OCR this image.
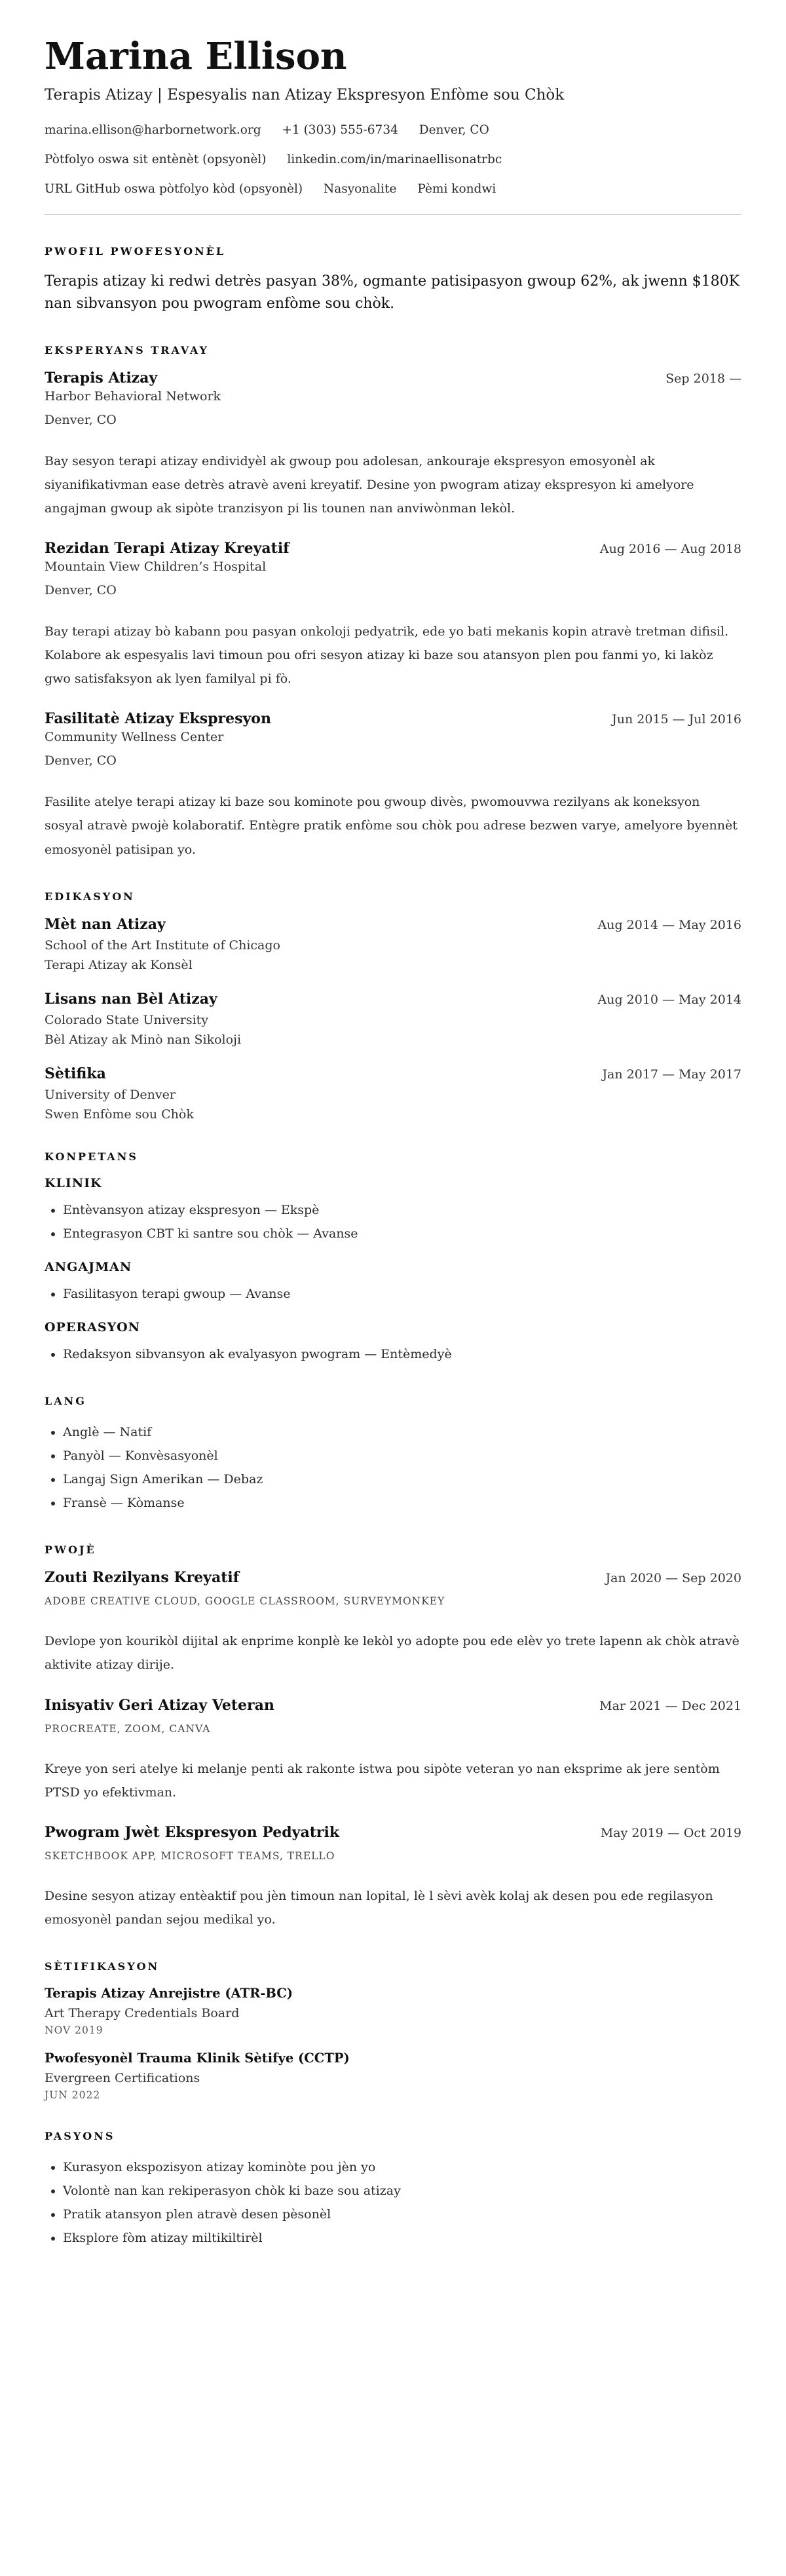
Marina Ellison
Terapis Atizay | Espesyalis nan Atizay Ekspresyon Enfòme sou Chòk
marina.ellison@harbornetwork.org +1 (303) 555-6734 Denver, CO
Pòtfolyo oswa sit entènèt (opsyonèl) linkedin.com/in/marinaellisonatrbc
URL GitHub oswa pòtfolyo kòd (opsyonèl) Nasyonalite Pèmi kondwi
PWOFIL PWOFESYONÈL

Terapis atizay ki redwi detrès pasyan 38%, ogmante patisipasyon gwoup 62%, ak jwenn $180K nan sibvansyon pou pwogram enfòme sou chòk.

EKSPERYANS TRAVAY
Terapis Atizay	Sep 2018 —
Harbor Behavioral Network
Denver, CO

Bay sesyon terapi atizay endividyèl ak gwoup pou adolesan, ankouraje ekspresyon emosyonèl ak siyanifikativman ease detrès atravè aveni kreyatif. Desine yon pwogram atizay ekspresyon ki amelyore angajman gwoup ak sipòte tranzisyon pi lis tounen nan anviwònman lekòl.

Rezidan Terapi Atizay Kreyatif	Aug 2016 — Aug 2018
Mountain View Children’s Hospital
Denver, CO

Bay terapi atizay bò kabann pou pasyan onkoloji pedyatrik, ede yo bati mekanis kopin atravè tretman difisil. Kolabore ak espesyalis lavi timoun pou ofri sesyon atizay ki baze sou atansyon plen pou fanmi yo, ki lakòz gwo satisfaksyon ak lyen familyal pi fò.

Fasilitatè Atizay Ekspresyon	Jun 2015 — Jul 2016
Community Wellness Center
Denver, CO

Fasilite atelye terapi atizay ki baze sou kominote pou gwoup divès, pwomouvwa rezilyans ak koneksyon sosyal atravè pwojè kolaboratif. Entègre pratik enfòme sou chòk pou adrese bezwen varye, amelyore byennèt emosyonèl patisipan yo.

EDIKASYON
Mèt nan Atizay	Aug 2014 — May 2016
School of the Art Institute of Chicago
Terapi Atizay ak Konsèl
Lisans nan Bèl Atizay	Aug 2010 — May 2014
Colorado State University
Bèl Atizay ak Minò nan Sikoloji
Sètifika	Jan 2017 — May 2017
University of Denver
Swen Enfòme sou Chòk
KONPETANS
KLINIK
• Entèvansyon atizay ekspresyon — Ekspè
• Entegrasyon CBT ki santre sou chòk — Avanse
ANGAJMAN
• Fasilitasyon terapi gwoup — Avanse
OPERASYON
• Redaksyon sibvansyon ak evalyasyon pwogram — Entèmedyè
LANG
• Anglè — Natif
• Panyòl — Konvèsasyonèl
• Langaj Sign Amerikan — Debaz
• Fransè — Kòmanse
PWOJÈ
Zouti Rezilyans Kreyatif	Jan 2020 — Sep 2020
ADOBE CREATIVE CLOUD, GOOGLE CLASSROOM, SURVEYMONKEY

Devlope yon kourikòl dijital ak enprime konplè ke lekòl yo adopte pou ede elèv yo trete lapenn ak chòk atravè aktivite atizay dirije.

Inisyativ Geri Atizay Veteran	Mar 2021 — Dec 2021
PROCREATE, ZOOM, CANVA

Kreye yon seri atelye ki melanje penti ak rakonte istwa pou sipòte veteran yo nan eksprime ak jere sentòm PTSD yo efektivman.

Pwogram Jwèt Ekspresyon Pedyatrik	May 2019 — Oct 2019
SKETCHBOOK APP, MICROSOFT TEAMS, TRELLO

Desine sesyon atizay entèaktif pou jèn timoun nan lopital, lè l sèvi avèk kolaj ak desen pou ede regilasyon emosyonèl pandan sejou medikal yo.

SÈTIFIKASYON
Terapis Atizay Anrejistre (ATR-BC)
Art Therapy Credentials Board
NOV 2019
Pwofesyonèl Trauma Klinik Sètifye (CCTP)
Evergreen Certifications
JUN 2022
PASYONS
• Kurasyon ekspozisyon atizay kominòte pou jèn yo
• Volontè nan kan rekiperasyon chòk ki baze sou atizay
• Pratik atansyon plen atravè desen pèsonèl
• Eksplore fòm atizay miltikiltirèl
